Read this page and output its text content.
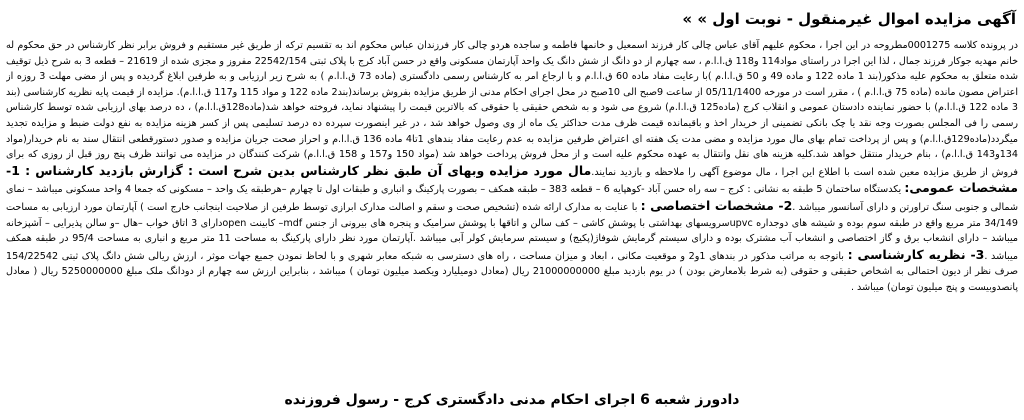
آگهی مزایده اموال غیرمنقول - نوبت اول » »
در پرونده کلاسه 0001275مطروحه در این اجرا ، محکوم علیهم آقای عباس چالی کار فرزند اسمعیل و خانمها فاطمه و ساجده هردو چالی کار فرزندان عباس محکوم اند به تقسیم ترکه از طریق غیر مستقیم و فروش برابر نظر کارشناس در حق محکوم له خانم مهدیه جوکار فرزند جمال ، لذا این اجرا در راستای مواد114 و118 ق.ا.ا.م ، سه چهارم از دو دانگ از شش دانگ یک واحد آپارتمان مسکونی واقع در حسن آباد کرج با پلاک ثبتی 22542/154 مفروز و مجزی شده از 21619 – قطعه 3 به شرح ذیل توقیف شده متعلق به محکوم علیه مذکور(بند 1 ماده 122 و ماده 49 و 50 ق.ا.ا.م )با رعایت مفاد ماده 60 ق.ا.ا.م و با ارجاع امر به کارشناس رسمی دادگستری (ماده 73 ق.ا.ا.م ) به شرح زیر ارزیابی و به طرفین ابلاغ گردیده و پس از مضی مهلت 3 روزه از اعتراض مصون مانده (ماده 75 ق.ا.ا.م ) ، مقرر است در مورخه 05/11/1400 از ساعت 9صبح الی 10صبح در محل اجرای احکام مدنی از طریق مزایده بفروش برساند(بند2 ماده 122 و مواد 115 و117 ق.ا.ا.م). مزایده از قیمت پایه نظریه کارشناسی (بند 3 ماده 122 ق.ا.ا.م) با حضور نماینده دادستان عمومی و انقلاب کرج (ماده125 ق.ا.ا.م) شروع می شود و به شخص حقیقی یا حقوقی که بالاترین قیمت را پیشنهاد نماید، فروخته خواهد شد(ماده128ق.ا.ا.م) ، ده درصد بهای ارزیابی شده توسط کارشناس رسمی را فی المجلس بصورت وجه نقد یا چک بانکی تضمینی از خریدار اخذ و باقیمانده قیمت ظرف مدت حداکثر یک ماه از وی وصول خواهد شد ، در غیر اینصورت سپرده ده درصد تسلیمی پس از کسر هزینه مزایده به نفع دولت ضبط و مزایده تجدید میگردد(ماده129ق.ا.ا.م) و پس از پرداخت تمام بهای مال مورد مزایده و مضی مدت یک هفته ای اعتراض طرفین مزایده به عدم رعایت مفاد بندهای 1تا4 ماده 136 ق.ا.ا.م و احراز صحت جریان مزایده و صدور دستورقطعی انتقال سند به نام خریدار(مواد 134و143 ق.ا.ا.م) ، بنام خریدار منتقل خواهد شد.کلیه هزینه های نقل وانتقال به عهده محکوم علیه است و از محل فروش پرداخت خواهد شد (مواد 150 و157 و 158 ق.ا.ا.م) شرکت کنندگان در مزایده می توانند ظرف پنج روز قبل از روزی که برای فروش از طریق مزایده معین شده است با اطلاع این اجرا ، مال موضوع آگهی را ملاحظه و بازدید نمایند.مال مورد مزایده وبهای آن طبق نظر کارشناس بدین شرح است : گزارش بازدید کارشناس : 1-مشخصات عمومی: یکدستگاه ساختمان 5 طبقه به نشانی : کرج – سه راه حسن آباد -کوهپایه 6 – قطعه 383 – طبقه همکف – بصورت پارکینگ و انباری و طبقات اول تا چهارم –هرطبقه یک واحد – مسکونی که جمعا 4 واحد مسکونی میباشد – نمای شمالی و جنوبی سنگ تراورتن و دارای آسانسور میباشد .2- مشخصات اختصاصی : با عنایت به مدارک ارائه شده (تشخیص صحت و سقم و اصالت مدارک ابرازی توسط طرفین از صلاحیت اینجانب خارج است ) آپارتمان مورد ارزیابی به مساحت 34/149 متر مربع واقع در طبقه سوم بوده و شیشه های دوجداره upvcسرویسهای بهداشتی با پوشش کاشی – کف سالن و اتاقها با پوشش سرامیک و پنجره های بیرونی از جنس mdf– کابینت openدارای 3 اتاق خواب –هال –و سالن پذیرایی – آشپزخانه میباشد – دارای انشعاب برق و گاز اختصاصی و انشعاب آب مشترک بوده و دارای سیستم گرمایش شوفاژ(پکیج) و سیستم سرمایش کولر آبی میباشد .آپارتمان مورد نظر دارای پارکینگ به مساحت 11 متر مربع و انباری به مساحت 95/4 در طبقه همکف میباشد .3- نظریه کارشناسی : باتوجه به مراتب مذکور در بندهای 1و2 و موقعیت مکانی ، ابعاد و میزان مساحت ، راه های دسترسی به شبکه معابر شهری و با لحاظ نمودن جمیع جهات موثر ، ارزش ریالی شش دانگ پلاک ثبتی 154/22542 صرف نظر از دیون احتمالی به اشخاص حقیقی و حقوقی (به شرط بلامعارض بودن ) در یوم بازدید مبلغ 21000000000 ریال (معادل دومیلیارد ویکصد میلیون تومان ) میباشد ، بنابراین ارزش سه چهارم از دودانگ ملک مبلغ 5250000000 ریال ( معادل پانصدوبیست و پنج میلیون تومان) میباشد .
دادورز شعبه 6 اجرای احکام مدنی دادگستری کرج - رسول فروزنده
